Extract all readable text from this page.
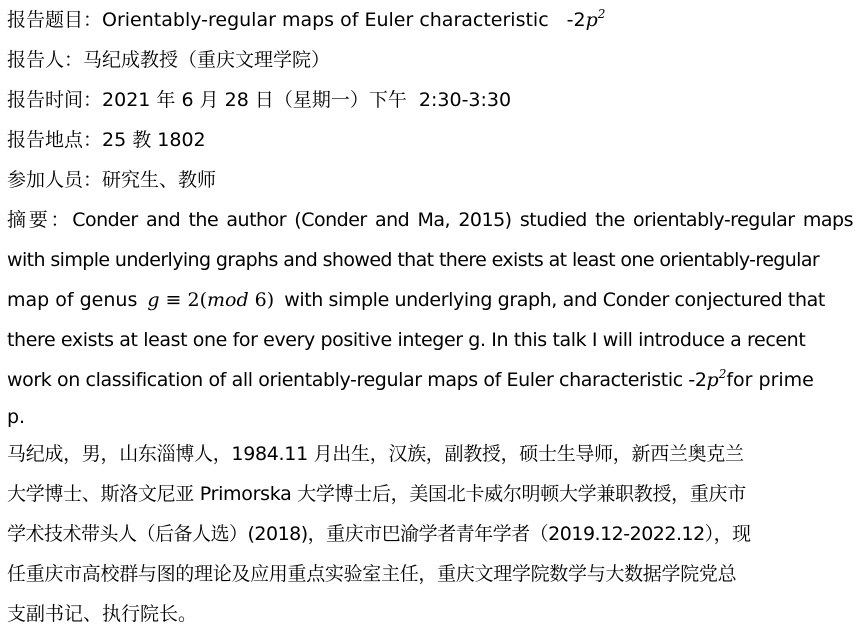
报告题目：Orientably-regular maps of Euler characteristic $-2p^2$
报告人：马纪成教授（重庆文理学院）
报告时间：2021 年 6 月 28 日（星期一）下午  2:30-3:30
报告地点：25 教 1802
参加人员：研究生、教师
摘要：Conder and the author (Conder and Ma, 2015) studied the orientably-regular maps
with simple underlying graphs and showed that there exists at least one orientably-regular
map of genus g ≡ 2(mod 6) with simple underlying graph, and Conder conjectured that
there exists at least one for every positive integer g. In this talk I will introduce a recent
work on classification of all orientably-regular maps of Euler characteristic $-2p^2for$ prime
p.
马纪成，男，山东淄博人，1984.11 月出生，汉族，副教授，硕士生导师，新西兰奥克兰
大学博士、斯洛文尼亚 Primorska 大学博士后，美国北卡威尔明顿大学兼职教授，重庆市
学术技术带头人（后备人选）(2018)，重庆市巴渝学者青年学者（2019.12-2022.12），现
任重庆市高校群与图的理论及应用重点实验室主任，重庆文理学院数学与大数据学院党总
支副书记、执行院长。
